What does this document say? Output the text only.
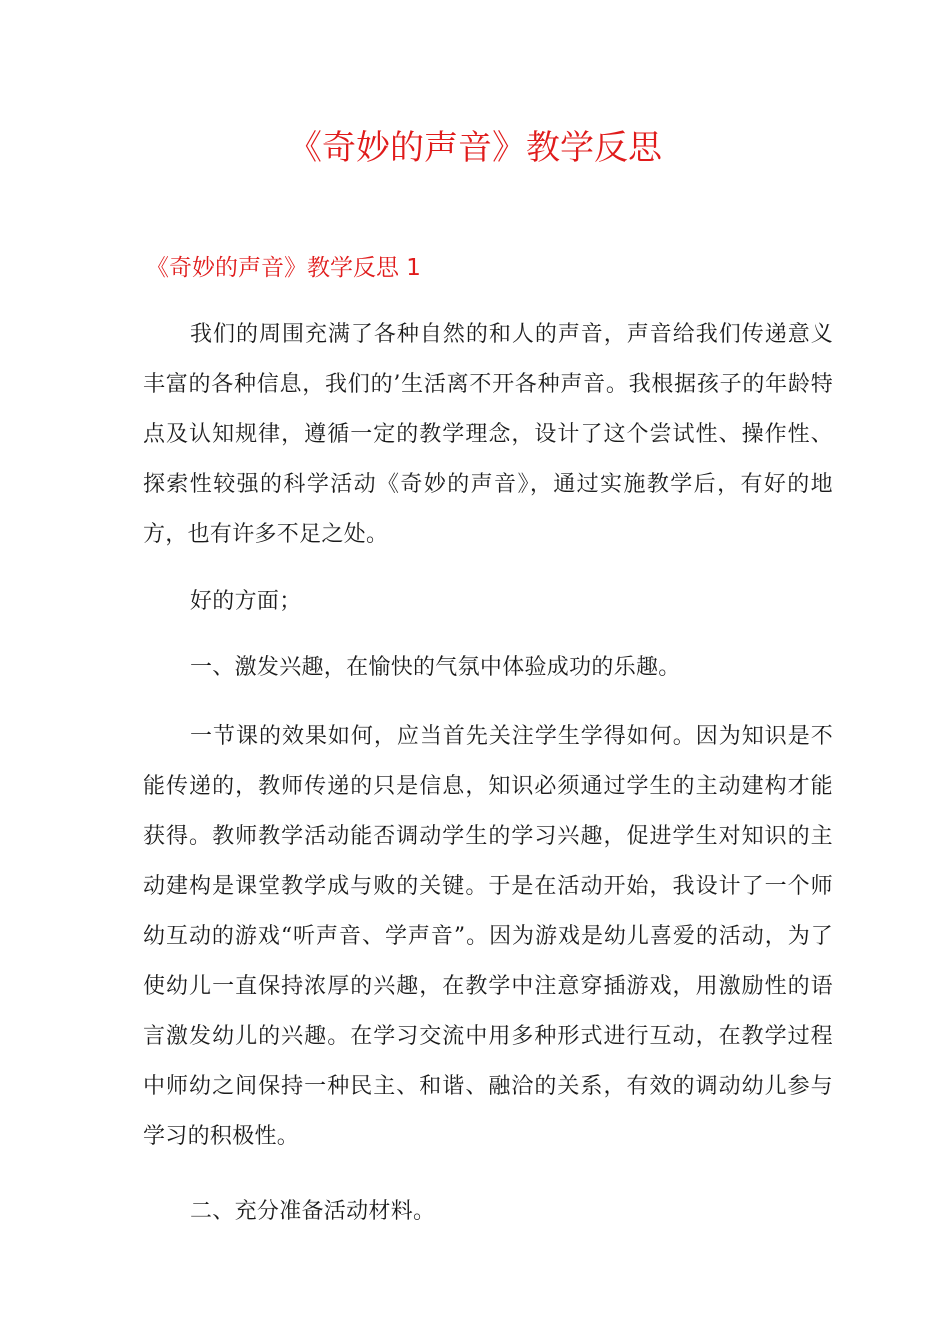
《奇妙的声音》教学反思
《奇妙的声音》教学反思 1

我们的周围充满了各种自然的和人的声音，声音给我们传递意义丰富的各种信息，我们的’生活离不开各种声音。我根据孩子的年龄特点及认知规律，遵循一定的教学理念，设计了这个尝试性、操作性、探索性较强的科学活动《奇妙的声音》，通过实施教学后，有好的地方，也有许多不足之处。

好的方面；

一、激发兴趣，在愉快的气氛中体验成功的乐趣。

一节课的效果如何，应当首先关注学生学得如何。因为知识是不能传递的，教师传递的只是信息，知识必须通过学生的主动建构才能获得。教师教学活动能否调动学生的学习兴趣，促进学生对知识的主动建构是课堂教学成与败的关键。于是在活动开始，我设计了一个师幼互动的游戏“听声音、学声音”。因为游戏是幼儿喜爱的活动，为了使幼儿一直保持浓厚的兴趣，在教学中注意穿插游戏，用激励性的语言激发幼儿的兴趣。在学习交流中用多种形式进行互动，在教学过程中师幼之间保持一种民主、和谐、融洽的关系，有效的调动幼儿参与学习的积极性。

二、充分准备活动材料。
